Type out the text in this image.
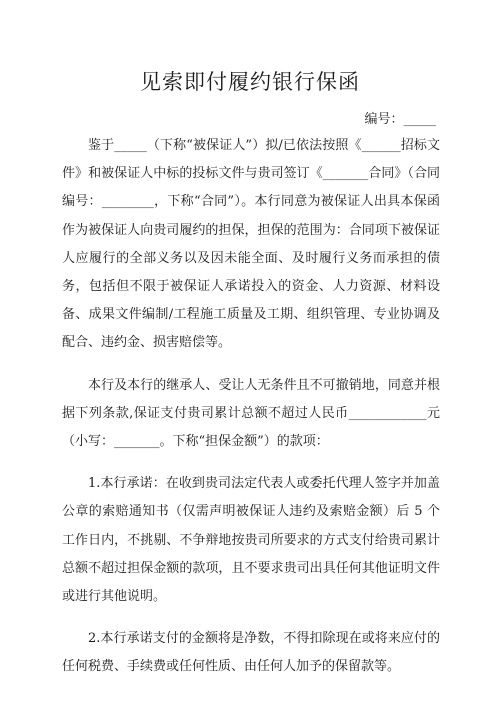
见索即付履约银行保函

编号：_____

鉴于_____（下称“被保证人”）拟/已依法按照《______招标文件》和被保证人中标的投标文件与贵司签订《_______合同》（合同编号：________，下称“合同”）。本行同意为被保证人出具本保函作为被保证人向贵司履约的担保，担保的范围为：合同项下被保证人应履行的全部义务以及因未能全面、及时履行义务而承担的债务，包括但不限于被保证人承诺投入的资金、人力资源、材料设备、成果文件编制/工程施工质量及工期、组织管理、专业协调及配合、违约金、损害赔偿等。

本行及本行的继承人、受让人无条件且不可撤销地，同意并根据下列条款,保证支付贵司累计总额不超过人民币____________元（小写：_______。下称“担保金额”）的款项：

1.本行承诺：在收到贵司法定代表人或委托代理人签字并加盖公章的索赔通知书（仅需声明被保证人违约及索赔金额）后 5 个工作日内，不挑剔、不争辩地按贵司所要求的方式支付给贵司累计总额不超过担保金额的款项，且不要求贵司出具任何其他证明文件或进行其他说明。

2.本行承诺支付的金额将是净数，不得扣除现在或将来应付的任何税费、手续费或任何性质、由任何人加予的保留款等。
